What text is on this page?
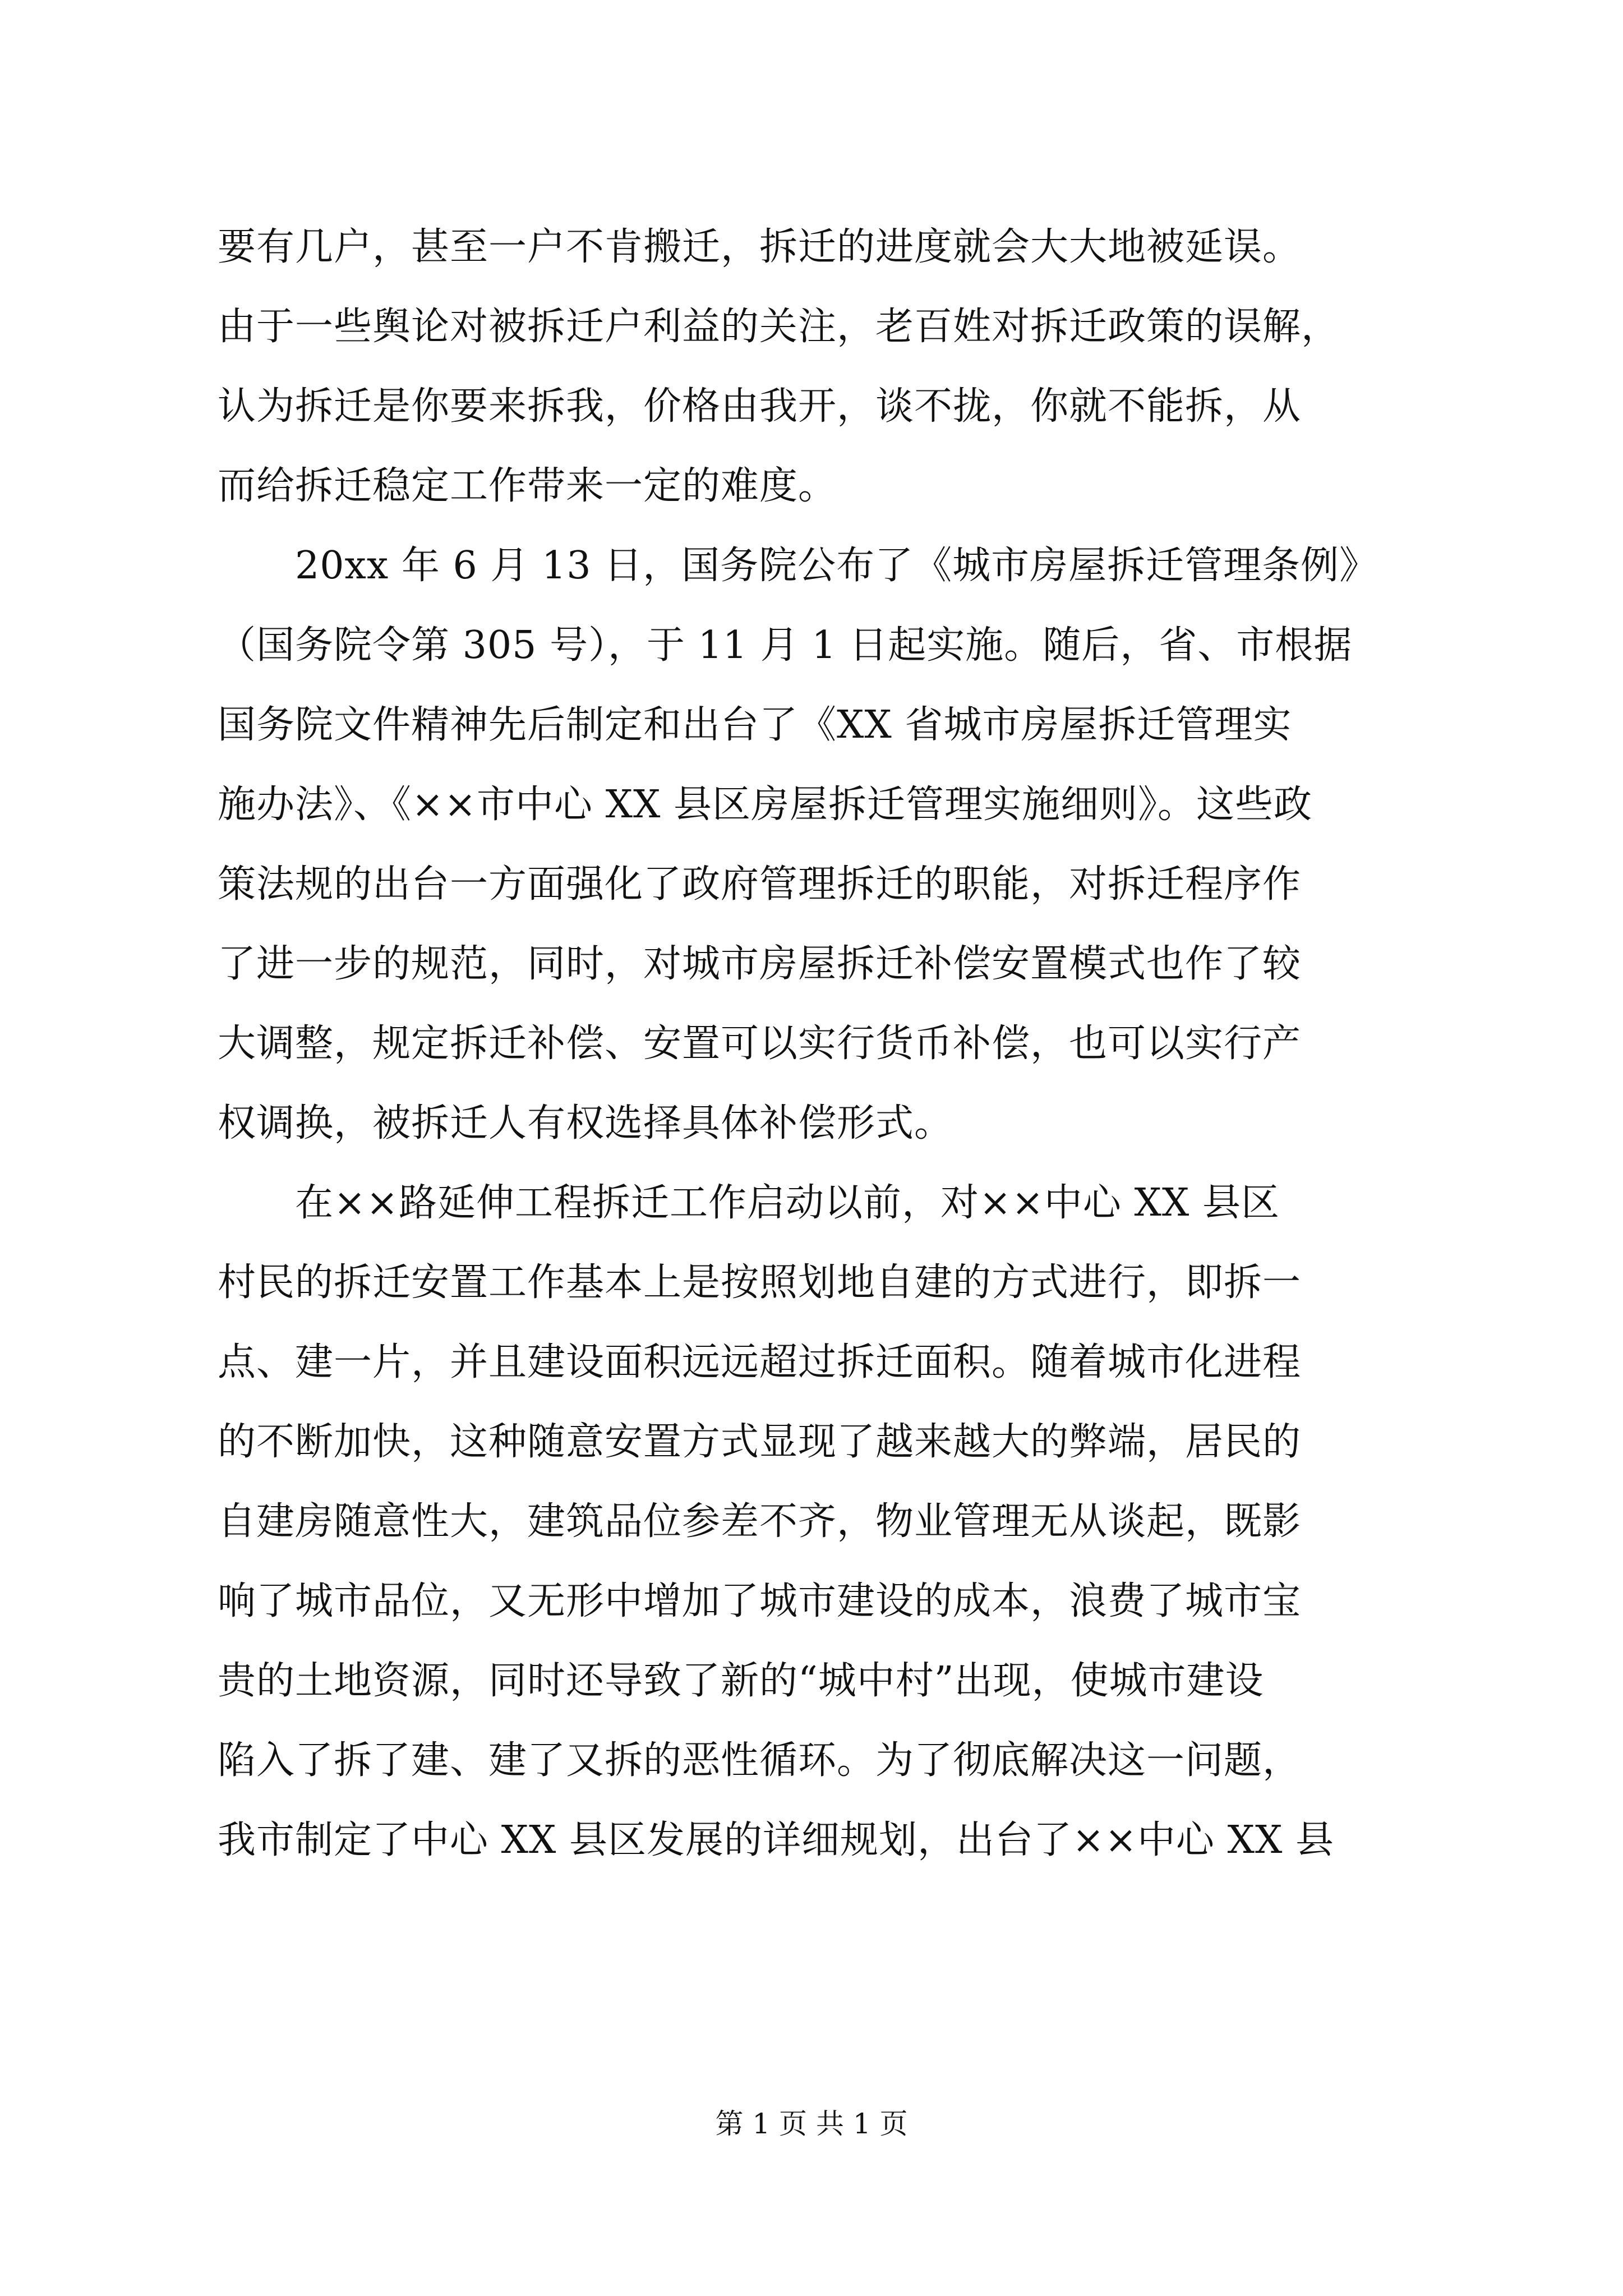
要有几户，甚至一户不肯搬迁，拆迁的进度就会大大地被延误。
由于一些舆论对被拆迁户利益的关注，老百姓对拆迁政策的误解，
认为拆迁是你要来拆我，价格由我开，谈不拢，你就不能拆，从
而给拆迁稳定工作带来一定的难度。
　　20xx 年 6 月 13 日，国务院公布了《城市房屋拆迁管理条例》
（国务院令第 305 号），于 11 月 1 日起实施。随后，省、市根据
国务院文件精神先后制定和出台了《XX 省城市房屋拆迁管理实
施办法》、《××市中心 XX 县区房屋拆迁管理实施细则》。这些政
策法规的出台一方面强化了政府管理拆迁的职能，对拆迁程序作
了进一步的规范，同时，对城市房屋拆迁补偿安置模式也作了较
大调整，规定拆迁补偿、安置可以实行货币补偿，也可以实行产
权调换，被拆迁人有权选择具体补偿形式。
　　在××路延伸工程拆迁工作启动以前，对××中心 XX 县区
村民的拆迁安置工作基本上是按照划地自建的方式进行，即拆一
点、建一片，并且建设面积远远超过拆迁面积。随着城市化进程
的不断加快，这种随意安置方式显现了越来越大的弊端，居民的
自建房随意性大，建筑品位参差不齐，物业管理无从谈起，既影
响了城市品位，又无形中增加了城市建设的成本，浪费了城市宝
贵的土地资源，同时还导致了新的“城中村”出现，使城市建设
陷入了拆了建、建了又拆的恶性循环。为了彻底解决这一问题，
我市制定了中心 XX 县区发展的详细规划，出台了××中心 XX 县
第 1 页 共 1 页
